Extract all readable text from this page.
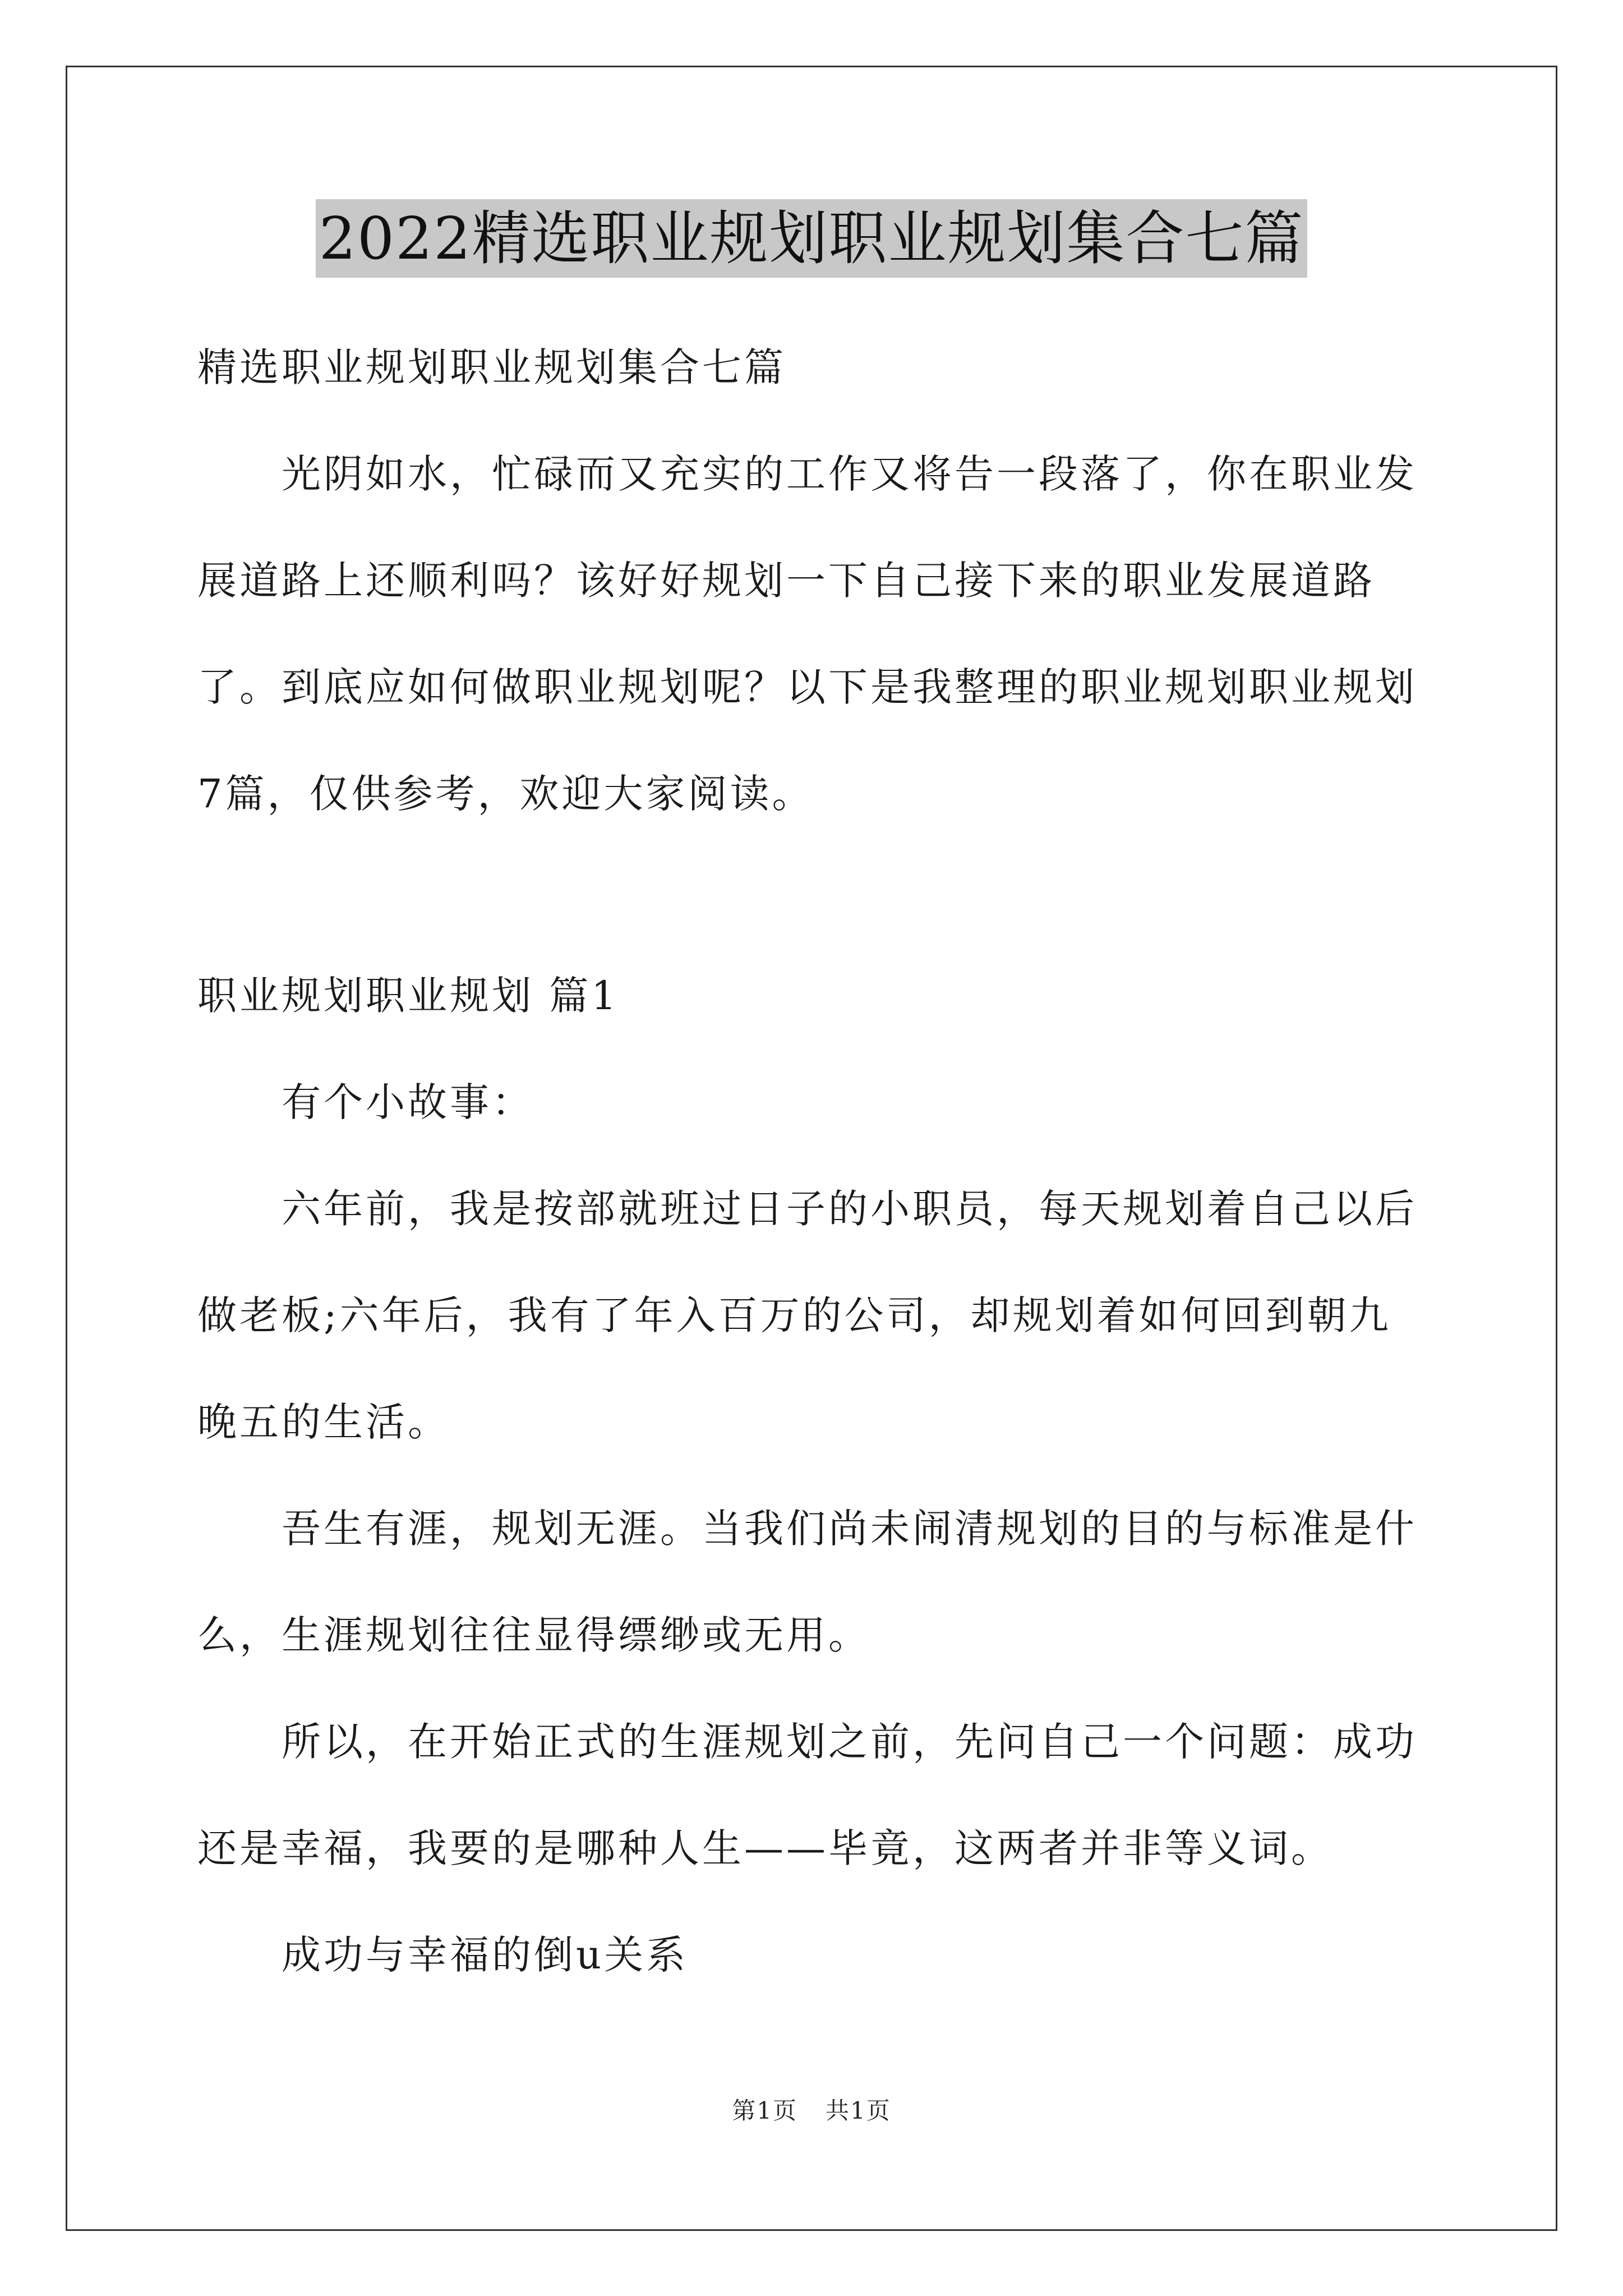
2022精选职业规划职业规划集合七篇

精选职业规划职业规划集合七篇

光阴如水，忙碌而又充实的工作又将告一段落了，你在职业发展道路上还顺利吗？该好好规划一下自己接下来的职业发展道路了。到底应如何做职业规划呢？以下是我整理的职业规划职业规划7篇，仅供参考，欢迎大家阅读。

职业规划职业规划 篇1

有个小故事：

六年前，我是按部就班过日子的小职员，每天规划着自己以后做老板;六年后，我有了年入百万的公司，却规划着如何回到朝九晚五的生活。

吾生有涯，规划无涯。当我们尚未闹清规划的目的与标准是什么，生涯规划往往显得缥缈或无用。

所以，在开始正式的生涯规划之前，先问自己一个问题：成功还是幸福，我要的是哪种人生——毕竟，这两者并非等义词。

成功与幸福的倒u关系

第1页 共1页
